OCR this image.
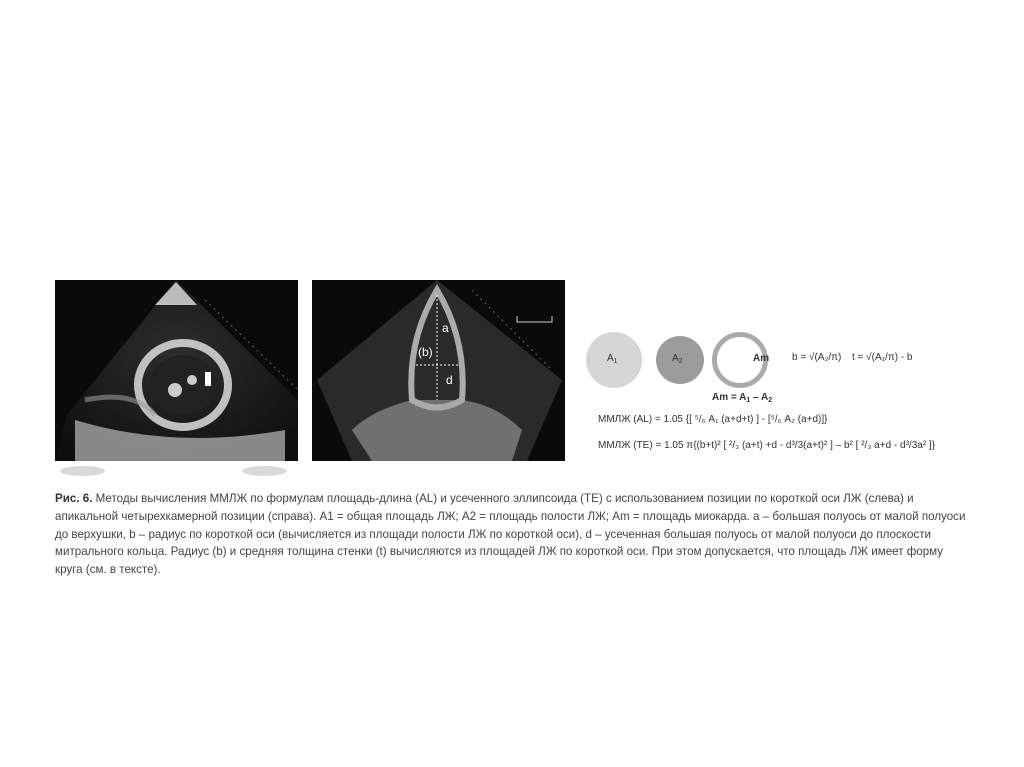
a
(b)
d
$A_1$	$A_2$	Am
$Am = A_1 - A_2$
b = √(A₂/π) t = √(A₁/π) - b
ММЛЖ (AL) = 1.05 {[ ⁵/₆ A₁ (a+d+t) ] - [⁵/₆ A₂ (a+d)]}
ММЛЖ (TE) = 1.05 π{(b+t)² [ ²/₃ (a+t) +d - d³/3(a+t)² ] – b² [ ²/₃ a+d - d³/3a² ]}
Рис. 6. Методы вычисления ММЛЖ по формулам площадь-длина (AL) и усеченного эллипсоида (TE) с использованием позиции по короткой оси ЛЖ (слева) и апикальной четырехкамерной позиции (справа). A1 = общая площадь ЛЖ; A2 = площадь полости ЛЖ; Am = площадь миокарда. a – большая полуось от малой полуоси до верхушки, b – радиус по короткой оси (вычисляется из площади полости ЛЖ по короткой оси), d – усеченная большая полуось от малой полуоси до плоскости митрального кольца. Радиус (b) и средняя толщина стенки (t) вычисляются из площадей ЛЖ по короткой оси. При этом допускается, что площадь ЛЖ имеет форму круга (см. в тексте).
